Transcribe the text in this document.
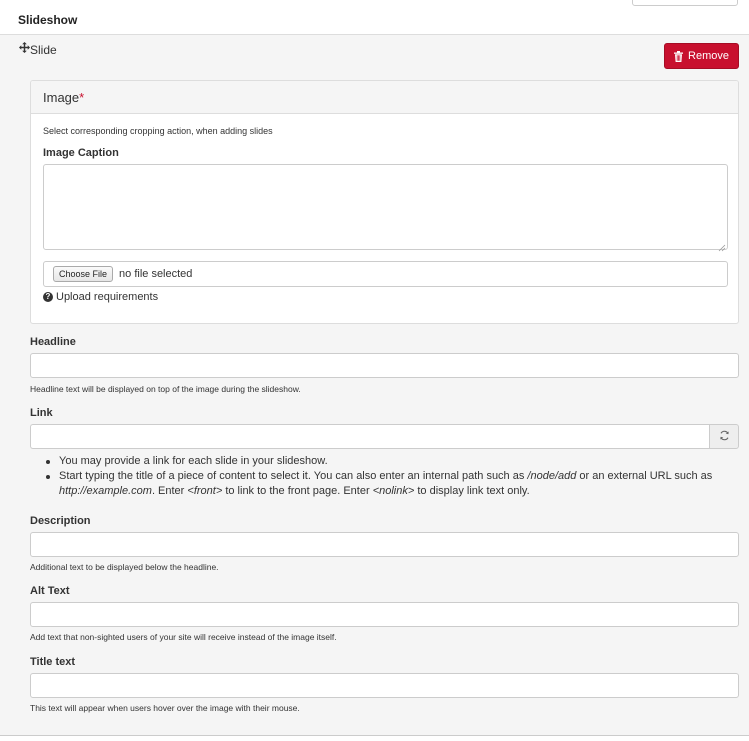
Slideshow
Slide	Remove
Image*
Select corresponding cropping action, when adding slides
Image Caption
Choose File	no file selected
? Upload requirements
Headline
Headline text will be displayed on top of the image during the slideshow.
Link
You may provide a link for each slide in your slideshow.
Start typing the title of a piece of content to select it. You can also enter an internal path such as /node/add or an external URL such as http://example.com. Enter <front> to link to the front page. Enter <nolink> to display link text only.
Description
Additional text to be displayed below the headline.
Alt Text
Add text that non-sighted users of your site will receive instead of the image itself.
Title text
This text will appear when users hover over the image with their mouse.
